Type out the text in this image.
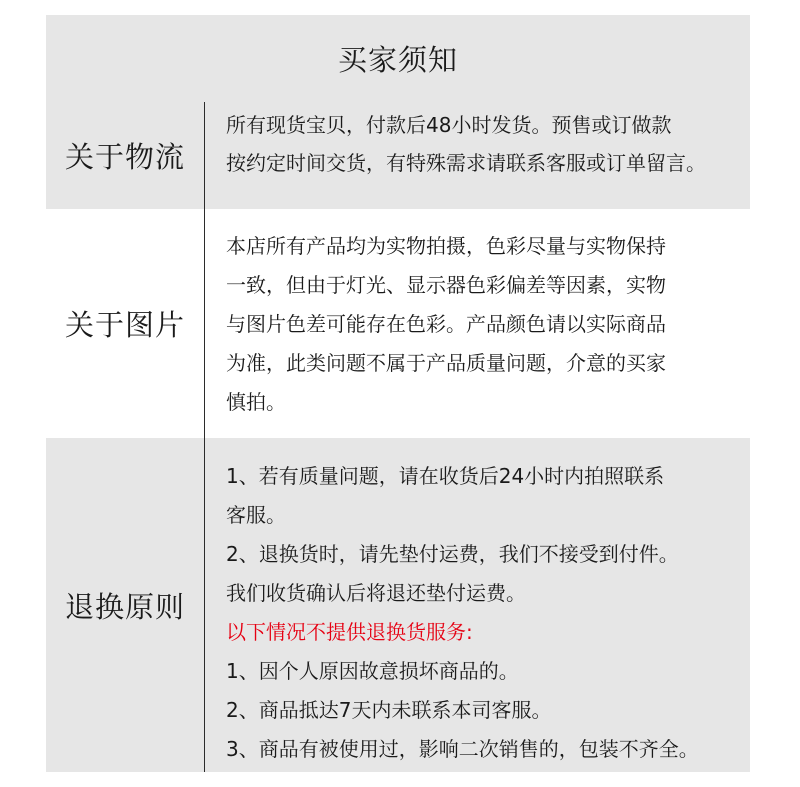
买家须知
关于物流
所有现货宝贝，付款后48小时发货。预售或订做款
按约定时间交货，有特殊需求请联系客服或订单留言。
关于图片
本店所有产品均为实物拍摄，色彩尽量与实物保持
一致，但由于灯光、显示器色彩偏差等因素，实物
与图片色差可能存在色彩。产品颜色请以实际商品
为准，此类问题不属于产品质量问题，介意的买家
慎拍。
退换原则
1、若有质量问题，请在收货后24小时内拍照联系
客服。
2、退换货时，请先垫付运费，我们不接受到付件。
我们收货确认后将退还垫付运费。
以下情况不提供退换货服务:
1、因个人原因故意损坏商品的。
2、商品抵达7天内未联系本司客服。
3、商品有被使用过，影响二次销售的，包装不齐全。
